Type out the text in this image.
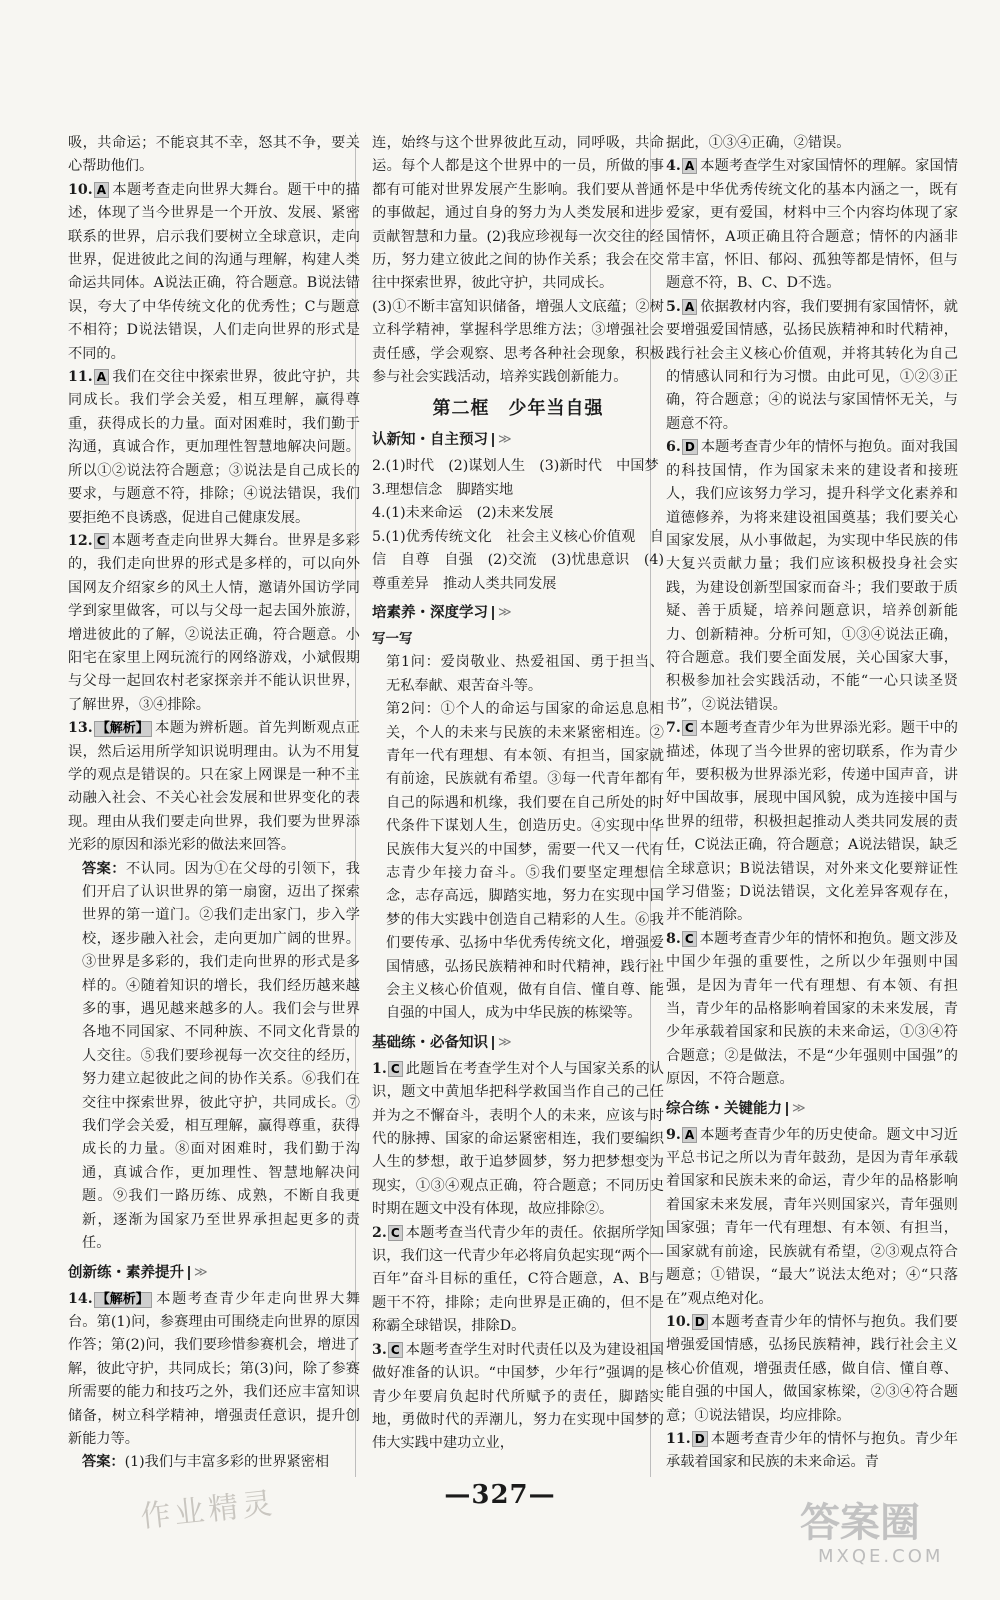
吸，共命运；不能哀其不幸，怒其不争，要关心帮助他们。

10. A 本题考查走向世界大舞台。题干中的描述，体现了当今世界是一个开放、发展、紧密联系的世界，启示我们要树立全球意识，走向世界，促进彼此之间的沟通与理解，构建人类命运共同体。A说法正确，符合题意。B说法错误，夸大了中华传统文化的优秀性；C与题意不相符；D说法错误，人们走向世界的形式是不同的。

11. A 我们在交往中探索世界，彼此守护，共同成长。我们学会关爱，相互理解，赢得尊重，获得成长的力量。面对困难时，我们勤于沟通，真诚合作，更加理性智慧地解决问题。所以①②说法符合题意；③说法是自己成长的要求，与题意不符，排除；④说法错误，我们要拒绝不良诱惑，促进自己健康发展。

12. C 本题考查走向世界大舞台。世界是多彩的，我们走向世界的形式是多样的，可以向外国网友介绍家乡的风土人情，邀请外国访学同学到家里做客，可以与父母一起去国外旅游，增进彼此的了解，②说法正确，符合题意。小阳宅在家里上网玩流行的网络游戏，小斌假期与父母一起回农村老家探亲并不能认识世界，了解世界，③④排除。

13. 【解析】 本题为辨析题。首先判断观点正误，然后运用所学知识说明理由。认为不用复学的观点是错误的。只在家上网课是一种不主动融入社会、不关心社会发展和世界变化的表现。理由从我们要走向世界，我们要为世界添光彩的原因和添光彩的做法来回答。

答案：不认同。因为①在父母的引领下，我们开启了认识世界的第一扇窗，迈出了探索世界的第一道门。②我们走出家门，步入学校，逐步融入社会，走向更加广阔的世界。③世界是多彩的，我们走向世界的形式是多样的。④随着知识的增长，我们经历越来越多的事，遇见越来越多的人。我们会与世界各地不同国家、不同种族、不同文化背景的人交往。⑤我们要珍视每一次交往的经历，努力建立起彼此之间的协作关系。⑥我们在交往中探索世界，彼此守护，共同成长。⑦我们学会关爱，相互理解，赢得尊重，获得成长的力量。⑧面对困难时，我们勤于沟通，真诚合作，更加理性、智慧地解决问题。⑨我们一路历练、成熟，不断自我更新，逐渐为国家乃至世界承担起更多的责任。

创新练・素养提升 ≫

14. 【解析】 本题考查青少年走向世界大舞台。第(1)问，参赛理由可围绕走向世界的原因作答；第(2)问，我们要珍惜参赛机会，增进了解，彼此守护，共同成长；第(3)问，除了参赛所需要的能力和技巧之外，我们还应丰富知识储备，树立科学精神，增强责任意识，提升创新能力等。

答案：(1)我们与丰富多彩的世界紧密相

连，始终与这个世界彼此互动，同呼吸，共命运。每个人都是这个世界中的一员，所做的事都有可能对世界发展产生影响。我们要从普通的事做起，通过自身的努力为人类发展和进步贡献智慧和力量。(2)我应珍视每一次交往的经历，努力建立彼此之间的协作关系；我会在交往中探索世界，彼此守护，共同成长。

(3)①不断丰富知识储备，增强人文底蕴；②树立科学精神，掌握科学思维方法；③增强社会责任感，学会观察、思考各种社会现象，积极参与社会实践活动，培养实践创新能力。

第二框　少年当自强
认新知・自主预习 ≫

2.(1)时代　(2)谋划人生　(3)新时代　中国梦

3.理想信念　脚踏实地

4.(1)未来命运　(2)未来发展

5.(1)优秀传统文化　社会主义核心价值观　自信　自尊　自强　(2)交流　(3)忧患意识　(4)尊重差异　推动人类共同发展

培素养・深度学习 ≫

写一写

第1问：爱岗敬业、热爱祖国、勇于担当、无私奉献、艰苦奋斗等。

第2问：①个人的命运与国家的命运息息相关，个人的未来与民族的未来紧密相连。②青年一代有理想、有本领、有担当，国家就有前途，民族就有希望。③每一代青年都有自己的际遇和机缘，我们要在自己所处的时代条件下谋划人生，创造历史。④实现中华民族伟大复兴的中国梦，需要一代又一代有志青少年接力奋斗。⑤我们要坚定理想信念，志存高远，脚踏实地，努力在实现中国梦的伟大实践中创造自己精彩的人生。⑥我们要传承、弘扬中华优秀传统文化，增强爱国情感，弘扬民族精神和时代精神，践行社会主义核心价值观，做有自信、懂自尊、能自强的中国人，成为中华民族的栋梁等。

基础练・必备知识 ≫

1. C 此题旨在考查学生对个人与国家关系的认识，题文中黄旭华把科学救国当作自己的己任并为之不懈奋斗，表明个人的未来，应该与时代的脉搏、国家的命运紧密相连，我们要编织人生的梦想，敢于追梦圆梦，努力把梦想变为现实，①③④观点正确，符合题意；不同历史时期在题文中没有体现，故应排除②。

2. C 本题考查当代青少年的责任。依据所学知识，我们这一代青少年必将肩负起实现“两个一百年”奋斗目标的重任，C符合题意，A、B与题干不符，排除；走向世界是正确的，但不是称霸全球错误，排除D。

3. C 本题考查学生对时代责任以及为建设祖国做好准备的认识。“中国梦，少年行”强调的是青少年要肩负起时代所赋予的责任，脚踏实地，勇做时代的弄潮儿，努力在实现中国梦的伟大实践中建功立业，

据此，①③④正确，②错误。

4. A 本题考查学生对家国情怀的理解。家国情怀是中华优秀传统文化的基本内涵之一，既有爱家，更有爱国，材料中三个内容均体现了家国情怀，A项正确且符合题意；情怀的内涵非常丰富，怀旧、郁闷、孤独等都是情怀，但与题意不符，B、C、D不选。

5. A 依据教材内容，我们要拥有家国情怀，就要增强爱国情感，弘扬民族精神和时代精神，践行社会主义核心价值观，并将其转化为自己的情感认同和行为习惯。由此可见，①②③正确，符合题意；④的说法与家国情怀无关，与题意不符。

6. D 本题考查青少年的情怀与抱负。面对我国的科技国情，作为国家未来的建设者和接班人，我们应该努力学习，提升科学文化素养和道德修养，为将来建设祖国奠基；我们要关心国家发展，从小事做起，为实现中华民族的伟大复兴贡献力量；我们应该积极投身社会实践，为建设创新型国家而奋斗；我们要敢于质疑、善于质疑，培养问题意识，培养创新能力、创新精神。分析可知，①③④说法正确，符合题意。我们要全面发展，关心国家大事，积极参加社会实践活动，不能“一心只读圣贤书”，②说法错误。

7. C 本题考查青少年为世界添光彩。题干中的描述，体现了当今世界的密切联系，作为青少年，要积极为世界添光彩，传递中国声音，讲好中国故事，展现中国风貌，成为连接中国与世界的纽带，积极担起推动人类共同发展的责任，C说法正确，符合题意；A说法错误，缺乏全球意识；B说法错误，对外来文化要辩证性学习借鉴；D说法错误，文化差异客观存在，并不能消除。

8. C 本题考查青少年的情怀和抱负。题文涉及中国少年强的重要性，之所以少年强则中国强，是因为青年一代有理想、有本领、有担当，青少年的品格影响着国家的未来发展，青少年承载着国家和民族的未来命运，①③④符合题意；②是做法，不是“少年强则中国强”的原因，不符合题意。

综合练・关键能力 ≫

9. A 本题考查青少年的历史使命。题文中习近平总书记之所以为青年鼓劲，是因为青年承载着国家和民族未来的命运，青少年的品格影响着国家未来发展，青年兴则国家兴，青年强则国家强；青年一代有理想、有本领、有担当，国家就有前途，民族就有希望，②③观点符合题意；①错误，“最大”说法太绝对；④“只落在”观点绝对化。

10. D 本题考查青少年的情怀与抱负。我们要增强爱国情感，弘扬民族精神，践行社会主义核心价值观，增强责任感，做自信、懂自尊、能自强的中国人，做国家栋梁，②③④符合题意；①说法错误，均应排除。

11. D 本题考查青少年的情怀与抱负。青少年承载着国家和民族的未来命运。青

—327—
作业精灵	答案圈
MXQE.COM
